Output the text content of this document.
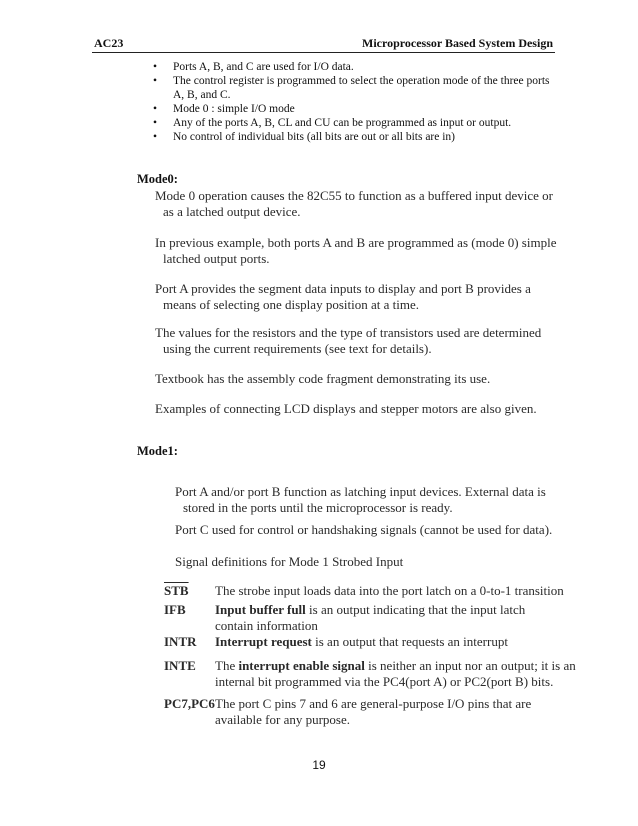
AC23	Microprocessor Based System Design
• Ports A, B, and C are used for I/O data.
• The control register is programmed to select the operation mode of the three ports A, B, and C.
• Mode 0 : simple I/O mode
• Any of the ports A, B, CL and CU can be programmed as input or output.
• No control of individual bits (all bits are out or all bits are in)
Mode0:
Mode 0 operation causes the 82C55 to function as a buffered input device or
as a latched output device.
In previous example, both ports A and B are programmed as (mode 0) simple
latched output ports.
Port A provides the segment data inputs to display and port B provides a
means of selecting one display position at a time.
The values for the resistors and the type of transistors used are determined
using the current requirements (see text for details).
Textbook has the assembly code fragment demonstrating its use.
Examples of connecting LCD displays and stepper motors are also given.
Mode1:
Port A and/or port B function as latching input devices. External data is
stored in the ports until the microprocessor is ready.
Port C used for control or handshaking signals (cannot be used for data).
Signal definitions for Mode 1 Strobed Input
$\overline{STB}$ The strobe input loads data into the port latch on a 0-to-1 transition
IFB Input buffer full is an output indicating that the input latch
contain information
INTR Interrupt request is an output that requests an interrupt
INTE The interrupt enable signal is neither an input nor an output; it is an
internal bit programmed via the PC4(port A) or PC2(port B) bits.
PC7,PC6 The port C pins 7 and 6 are general-purpose I/O pins that are
available for any purpose.
19
